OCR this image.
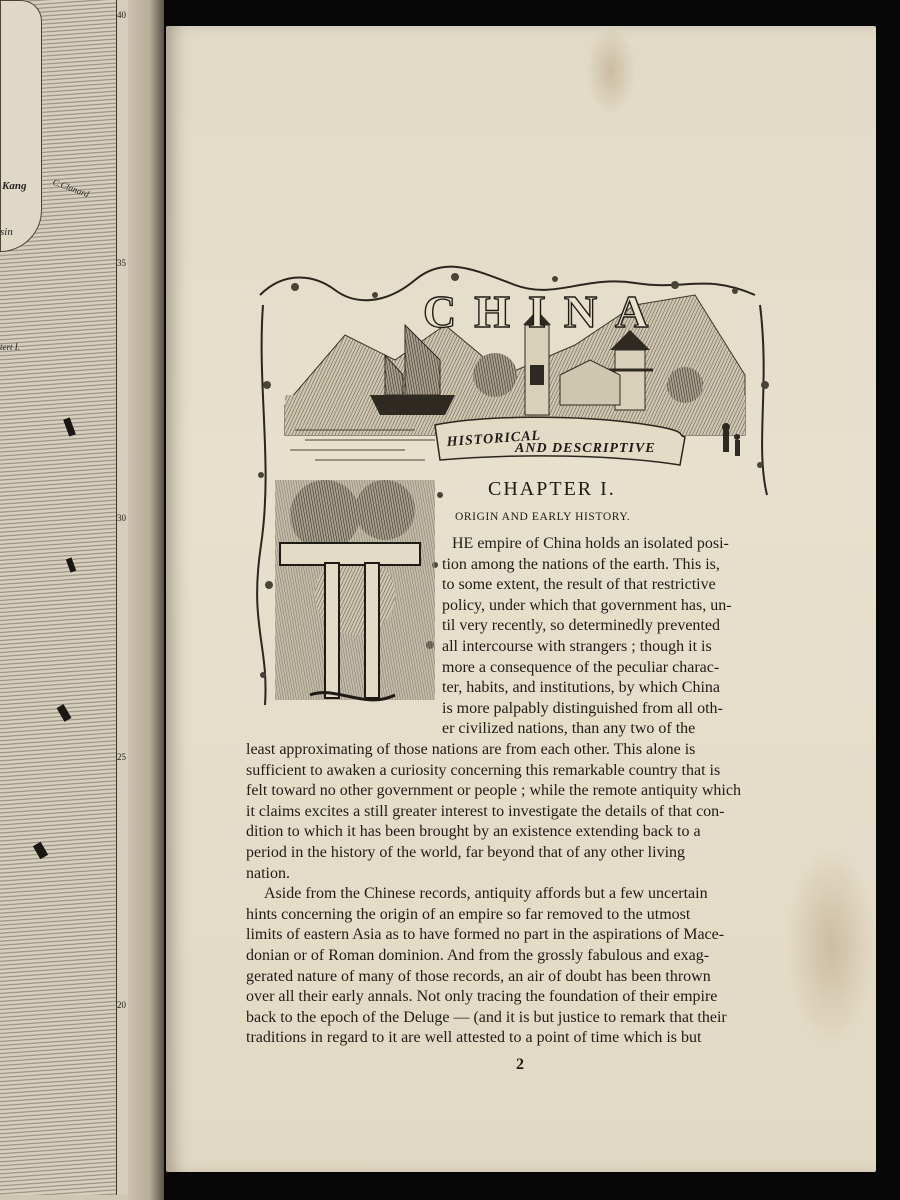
40
35
30
25
20
Kang	C.Clanard
sin
tert I.
CHINA
HISTORICAL
AND DESCRIPTIVE
T
CHAPTER I.
ORIGIN AND EARLY HISTORY.
HE empire of China holds an isolated posi-
tion among the nations of the earth. This is,
to some extent, the result of that restrictive
policy, under which that government has, un-
til very recently, so determinedly prevented
all intercourse with strangers ; though it is
more a consequence of the peculiar charac-
ter, habits, and institutions, by which China
is more palpably distinguished from all oth-
er civilized nations, than any two of the
least approximating of those nations are from each other. This alone is
sufficient to awaken a curiosity concerning this remarkable country that is
felt toward no other government or people ; while the remote antiquity which
it claims excites a still greater interest to investigate the details of that con-
dition to which it has been brought by an existence extending back to a
period in the history of the world, far beyond that of any other living
nation.
Aside from the Chinese records, antiquity affords but a few uncertain
hints concerning the origin of an empire so far removed to the utmost
limits of eastern Asia as to have formed no part in the aspirations of Mace-
donian or of Roman dominion. And from the grossly fabulous and exag-
gerated nature of many of those records, an air of doubt has been thrown
over all their early annals. Not only tracing the foundation of their empire
back to the epoch of the Deluge — (and it is but justice to remark that their
traditions in regard to it are well attested to a point of time which is but
2
